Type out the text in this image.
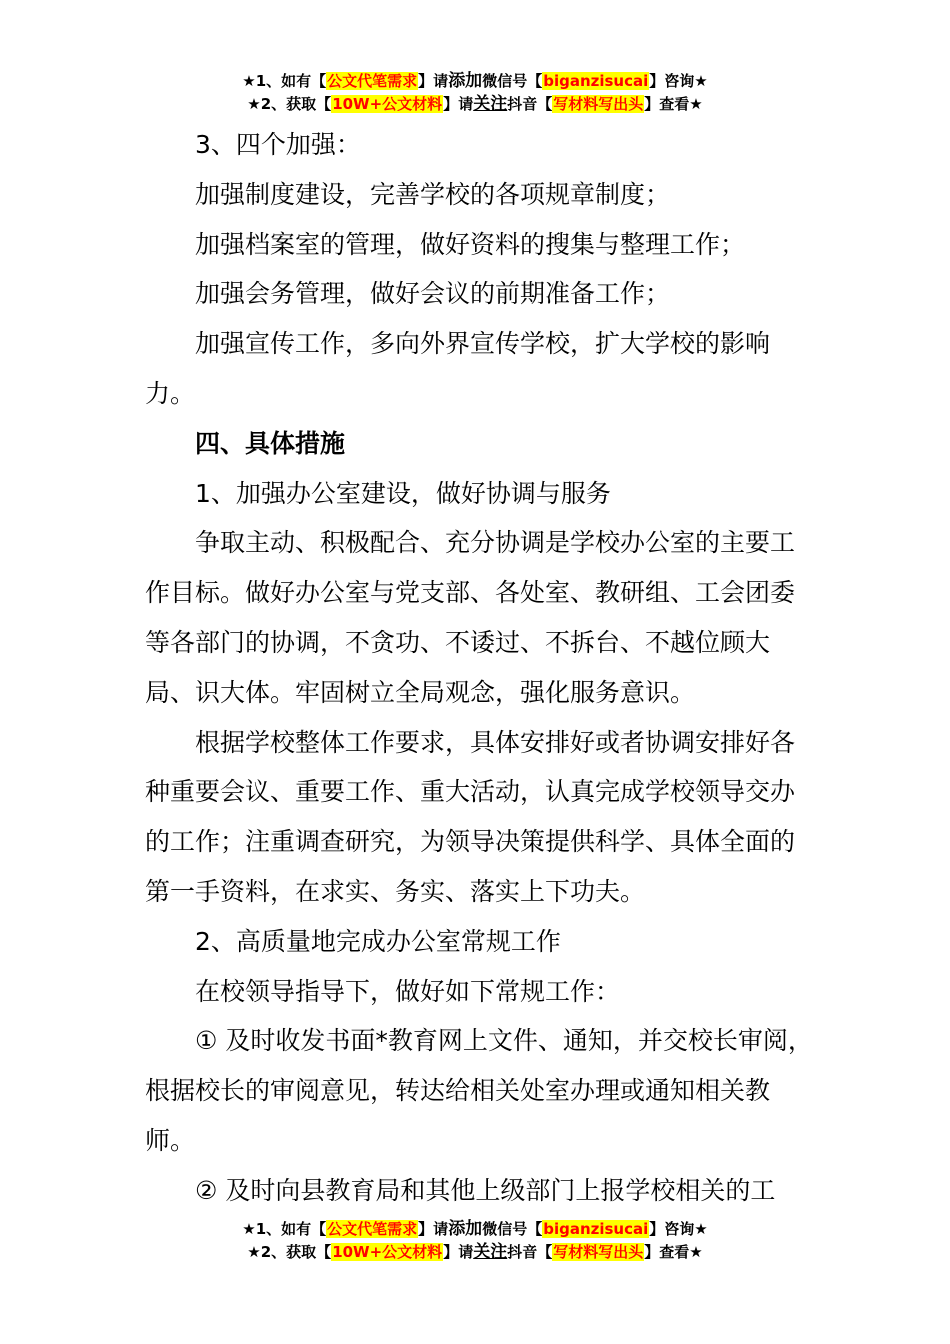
★1、如有【公文代笔需求】请添加微信号【biganzisucai】咨询★
★2、获取【10W+公文材料】请关注抖音【写材料写出头】查看★

3、四个加强：

加强制度建设，完善学校的各项规章制度；

加强档案室的管理，做好资料的搜集与整理工作；

加强会务管理，做好会议的前期准备工作；

加强宣传工作，多向外界宣传学校，扩大学校的影响力。

四、具体措施

1、加强办公室建设，做好协调与服务

争取主动、积极配合、充分协调是学校办公室的主要工作目标。做好办公室与党支部、各处室、教研组、工会团委等各部门的协调，不贪功、不诿过、不拆台、不越位顾大局、识大体。牢固树立全局观念，强化服务意识。

根据学校整体工作要求，具体安排好或者协调安排好各种重要会议、重要工作、重大活动，认真完成学校领导交办的工作；注重调查研究，为领导决策提供科学、具体全面的第一手资料，在求实、务实、落实上下功夫。

2、高质量地完成办公室常规工作

在校领导指导下，做好如下常规工作：

① 及时收发书面*教育网上文件、通知，并交校长审阅，根据校长的审阅意见，转达给相关处室办理或通知相关教师。

② 及时向县教育局和其他上级部门上报学校相关的工

★1、如有【公文代笔需求】请添加微信号【biganzisucai】咨询★
★2、获取【10W+公文材料】请关注抖音【写材料写出头】查看★
